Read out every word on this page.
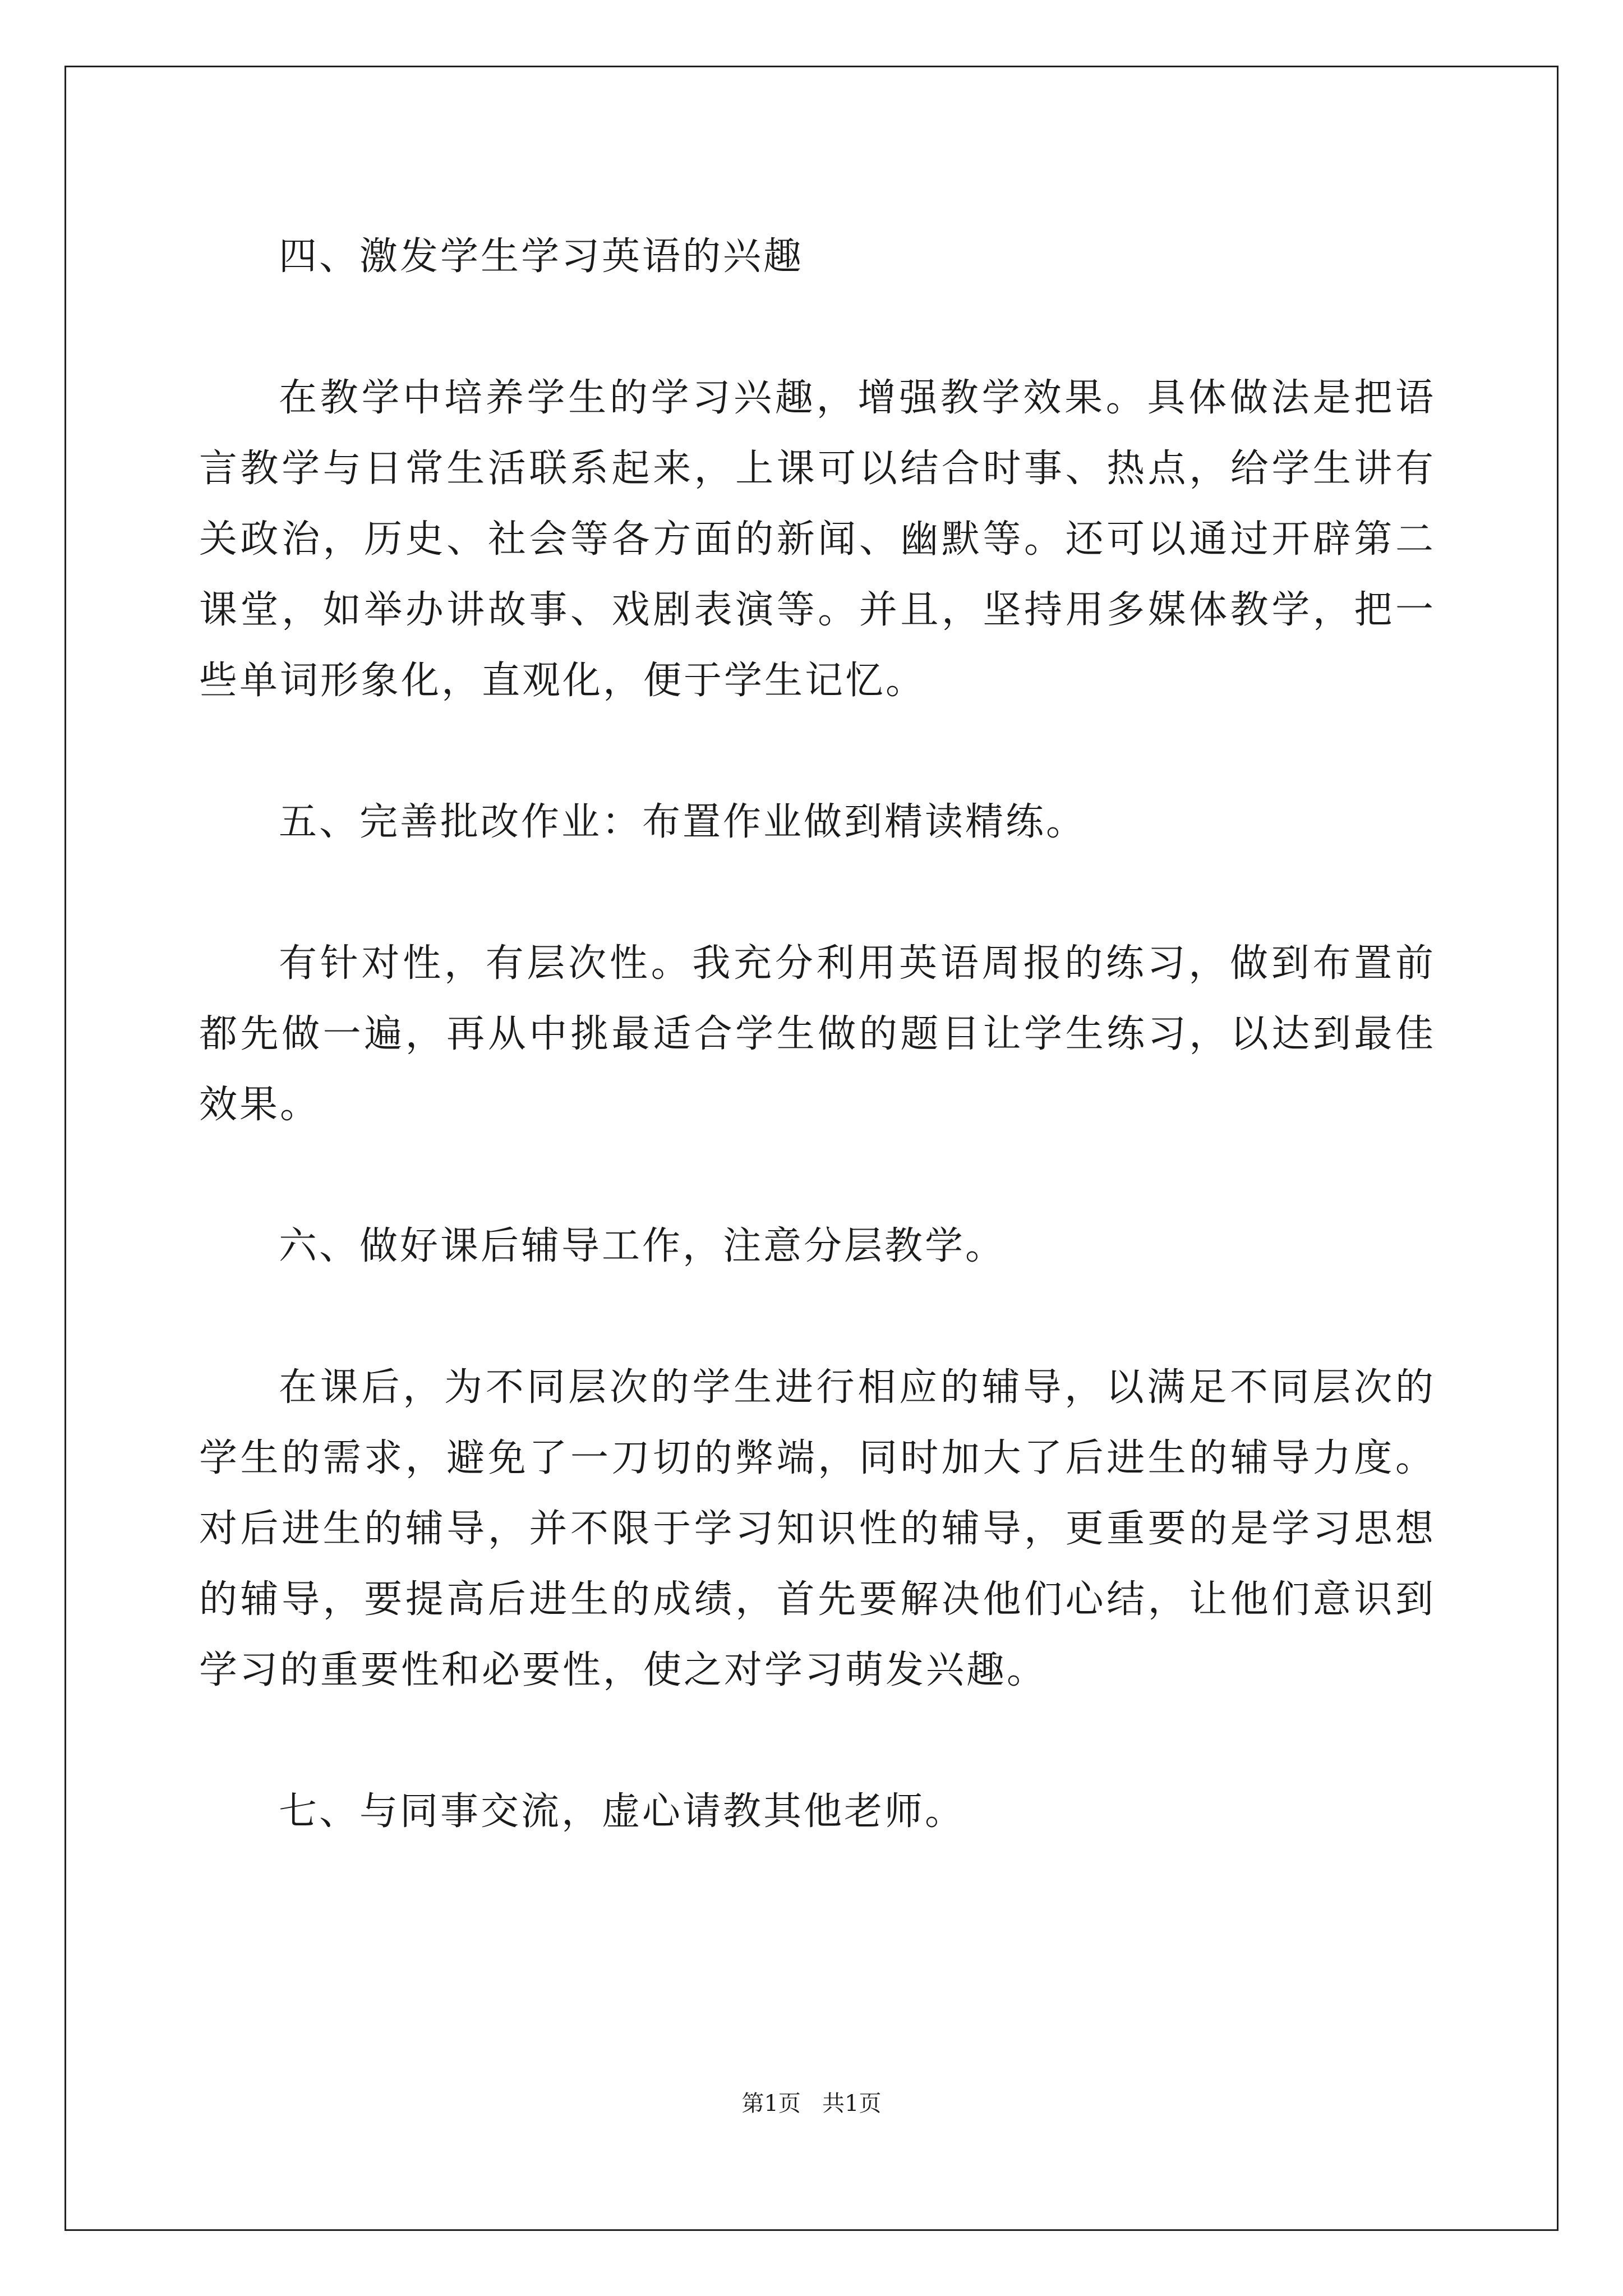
四、激发学生学习英语的兴趣

在教学中培养学生的学习兴趣，增强教学效果。具体做法是把语言教学与日常生活联系起来，上课可以结合时事、热点，给学生讲有关政治，历史、社会等各方面的新闻、幽默等。还可以通过开辟第二课堂，如举办讲故事、戏剧表演等。并且，坚持用多媒体教学，把一些单词形象化，直观化，便于学生记忆。

五、完善批改作业：布置作业做到精读精练。

有针对性，有层次性。我充分利用英语周报的练习，做到布置前都先做一遍，再从中挑最适合学生做的题目让学生练习，以达到最佳效果。

六、做好课后辅导工作，注意分层教学。

在课后，为不同层次的学生进行相应的辅导，以满足不同层次的学生的需求，避免了一刀切的弊端，同时加大了后进生的辅导力度。对后进生的辅导，并不限于学习知识性的辅导，更重要的是学习思想的辅导，要提高后进生的成绩，首先要解决他们心结，让他们意识到学习的重要性和必要性，使之对学习萌发兴趣。

七、与同事交流，虚心请教其他老师。

第1页   共1页
